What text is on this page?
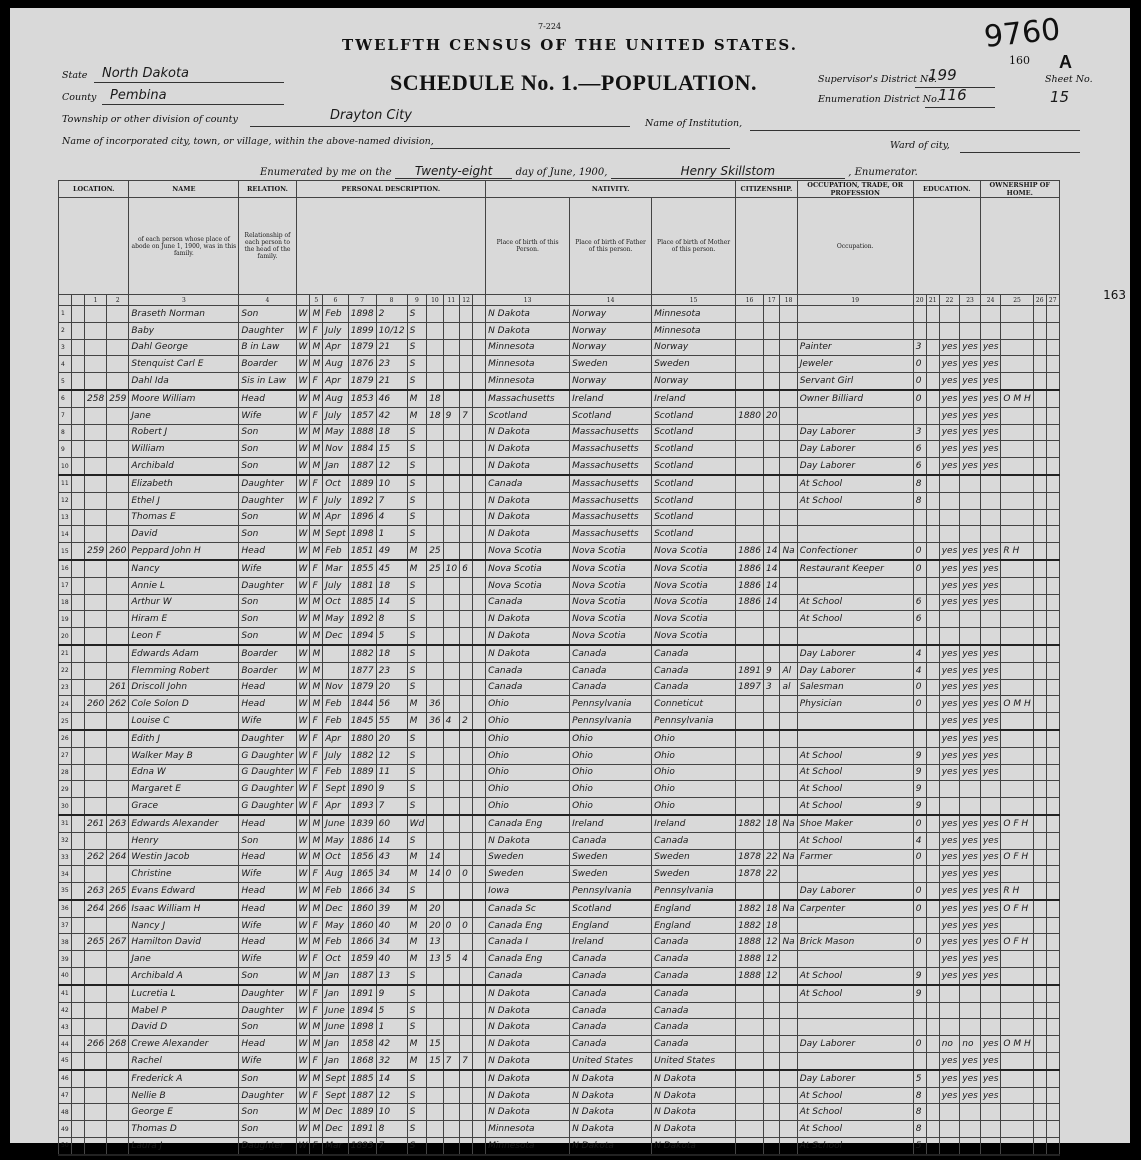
7-224
TWELFTH CENSUS OF THE UNITED STATES.	9760
160 A
SCHEDULE No. 1.—POPULATION.
State North Dakota
County Pembina
Township or other division of county	Drayton City
Name of incorporated city, town, or village, within the above-named division,
Name of Institution,
Ward of city,
Supervisor's District No.
199
Enumeration District No.
116
Sheet No.
15
Enumerated by me on the Twenty-eight day of June, 1900,	Henry Skillstom	, Enumerator.
163
LOCATION.				NAME	RELATION.	PERSONAL DESCRIPTION.										NATIVITY.			CITIZENSHIP.			OCCUPATION, TRADE, OR PROFESSION	EDUCATION.				OWNERSHIP OF HOME.			
				of each person whose place of abode on June 1, 1900, was in this family.	Relationship of each person to the head of the family.											Place of birth of this Person.	Place of birth of Father of this person.	Place of birth of Mother of this person.				Occupation.								
		1	2	3	4		5	6	7	8	9	10	11	12		13	14	15	16	17	18	19	20	21	22	23	24	25	26	27
1				Braseth Norman	Son	W	M	Feb	1898	2	S					N Dakota	Norway	Minnesota												
2				Baby	Daughter	W	F	July	1899	10/12	S					N Dakota	Norway	Minnesota												
3				Dahl George	B in Law	W	M	Apr	1879	21	S					Minnesota	Norway	Norway				Painter	3		yes	yes	yes			
4				Stenquist Carl E	Boarder	W	M	Aug	1876	23	S					Minnesota	Sweden	Sweden				Jeweler	0		yes	yes	yes			
5				Dahl Ida	Sis in Law	W	F	Apr	1879	21	S					Minnesota	Norway	Norway				Servant Girl	0		yes	yes	yes			
6		258	259	Moore William	Head	W	M	Aug	1853	46	M	18				Massachusetts	Ireland	Ireland				Owner Billiard	0		yes	yes	yes	O M H		
7				Jane	Wife	W	F	July	1857	42	M	18	9	7		Scotland	Scotland	Scotland	1880	20					yes	yes	yes			
8				Robert J	Son	W	M	May	1888	18	S					N Dakota	Massachusetts	Scotland				Day Laborer	3		yes	yes	yes			
9				William	Son	W	M	Nov	1884	15	S					N Dakota	Massachusetts	Scotland				Day Laborer	6		yes	yes	yes			
10				Archibald	Son	W	M	Jan	1887	12	S					N Dakota	Massachusetts	Scotland				Day Laborer	6		yes	yes	yes			
11				Elizabeth	Daughter	W	F	Oct	1889	10	S					Canada	Massachusetts	Scotland				At School	8							
12				Ethel J	Daughter	W	F	July	1892	7	S					N Dakota	Massachusetts	Scotland				At School	8							
13				Thomas E	Son	W	M	Apr	1896	4	S					N Dakota	Massachusetts	Scotland												
14				David	Son	W	M	Sept	1898	1	S					N Dakota	Massachusetts	Scotland												
15		259	260	Peppard John H	Head	W	M	Feb	1851	49	M	25				Nova Scotia	Nova Scotia	Nova Scotia	1886	14	Na	Confectioner	0		yes	yes	yes	R H		
16				Nancy	Wife	W	F	Mar	1855	45	M	25	10	6		Nova Scotia	Nova Scotia	Nova Scotia	1886	14		Restaurant Keeper	0		yes	yes	yes			
17				Annie L	Daughter	W	F	July	1881	18	S					Nova Scotia	Nova Scotia	Nova Scotia	1886	14					yes	yes	yes			
18				Arthur W	Son	W	M	Oct	1885	14	S					Canada	Nova Scotia	Nova Scotia	1886	14		At School	6		yes	yes	yes			
19				Hiram E	Son	W	M	May	1892	8	S					N Dakota	Nova Scotia	Nova Scotia				At School	6							
20				Leon F	Son	W	M	Dec	1894	5	S					N Dakota	Nova Scotia	Nova Scotia												
21				Edwards Adam	Boarder	W	M		1882	18	S					N Dakota	Canada	Canada				Day Laborer	4		yes	yes	yes			
22				Flemming Robert	Boarder	W	M		1877	23	S					Canada	Canada	Canada	1891	9	Al	Day Laborer	4		yes	yes	yes			
23			261	Driscoll John	Head	W	M	Nov	1879	20	S					Canada	Canada	Canada	1897	3	al	Salesman	0		yes	yes	yes			
24		260	262	Cole Solon D	Head	W	M	Feb	1844	56	M	36				Ohio	Pennsylvania	Conneticut				Physician	0		yes	yes	yes	O M H		
25				Louise C	Wife	W	F	Feb	1845	55	M	36	4	2		Ohio	Pennsylvania	Pennsylvania							yes	yes	yes			
26				Edith J	Daughter	W	F	Apr	1880	20	S					Ohio	Ohio	Ohio							yes	yes	yes			
27				Walker May B	G Daughter	W	F	July	1882	12	S					Ohio	Ohio	Ohio				At School	9		yes	yes	yes			
28				Edna W	G Daughter	W	F	Feb	1889	11	S					Ohio	Ohio	Ohio				At School	9		yes	yes	yes			
29				Margaret E	G Daughter	W	F	Sept	1890	9	S					Ohio	Ohio	Ohio				At School	9							
30				Grace	G Daughter	W	F	Apr	1893	7	S					Ohio	Ohio	Ohio				At School	9							
31		261	263	Edwards Alexander	Head	W	M	June	1839	60	Wd					Canada Eng	Ireland	Ireland	1882	18	Na	Shoe Maker	0		yes	yes	yes	O F H		
32				Henry	Son	W	M	May	1886	14	S					N Dakota	Canada	Canada				At School	4		yes	yes	yes			
33		262	264	Westin Jacob	Head	W	M	Oct	1856	43	M	14				Sweden	Sweden	Sweden	1878	22	Na	Farmer	0		yes	yes	yes	O F H		
34				Christine	Wife	W	F	Aug	1865	34	M	14	0	0		Sweden	Sweden	Sweden	1878	22					yes	yes	yes			
35		263	265	Evans Edward	Head	W	M	Feb	1866	34	S					Iowa	Pennsylvania	Pennsylvania				Day Laborer	0		yes	yes	yes	R H		
36		264	266	Isaac William H	Head	W	M	Dec	1860	39	M	20				Canada Sc	Scotland	England	1882	18	Na	Carpenter	0		yes	yes	yes	O F H		
37				Nancy J	Wife	W	F	May	1860	40	M	20	0	0		Canada Eng	England	England	1882	18					yes	yes	yes			
38		265	267	Hamilton David	Head	W	M	Feb	1866	34	M	13				Canada I	Ireland	Canada	1888	12	Na	Brick Mason	0		yes	yes	yes	O F H		
39				Jane	Wife	W	F	Oct	1859	40	M	13	5	4		Canada Eng	Canada	Canada	1888	12					yes	yes	yes			
40				Archibald A	Son	W	M	Jan	1887	13	S					Canada	Canada	Canada	1888	12		At School	9		yes	yes	yes			
41				Lucretia L	Daughter	W	F	Jan	1891	9	S					N Dakota	Canada	Canada				At School	9							
42				Mabel P	Daughter	W	F	June	1894	5	S					N Dakota	Canada	Canada												
43				David D	Son	W	M	June	1898	1	S					N Dakota	Canada	Canada												
44		266	268	Crewe Alexander	Head	W	M	Jan	1858	42	M	15				N Dakota	Canada	Canada				Day Laborer	0		no	no	yes	O M H		
45				Rachel	Wife	W	F	Jan	1868	32	M	15	7	7		N Dakota	United States	United States							yes	yes	yes			
46				Frederick A	Son	W	M	Sept	1885	14	S					N Dakota	N Dakota	N Dakota				Day Laborer	5		yes	yes	yes			
47				Nellie B	Daughter	W	F	Sept	1887	12	S					N Dakota	N Dakota	N Dakota				At School	8		yes	yes	yes			
48				George E	Son	W	M	Dec	1889	10	S					N Dakota	N Dakota	N Dakota				At School	8							
49				Thomas D	Son	W	M	Dec	1891	8	S					Minnesota	N Dakota	N Dakota				At School	8							
50				Laura J	Daughter	W	F	Mar	1893	7	S					Minnesota	N Dakota	N Dakota				At School	5							
